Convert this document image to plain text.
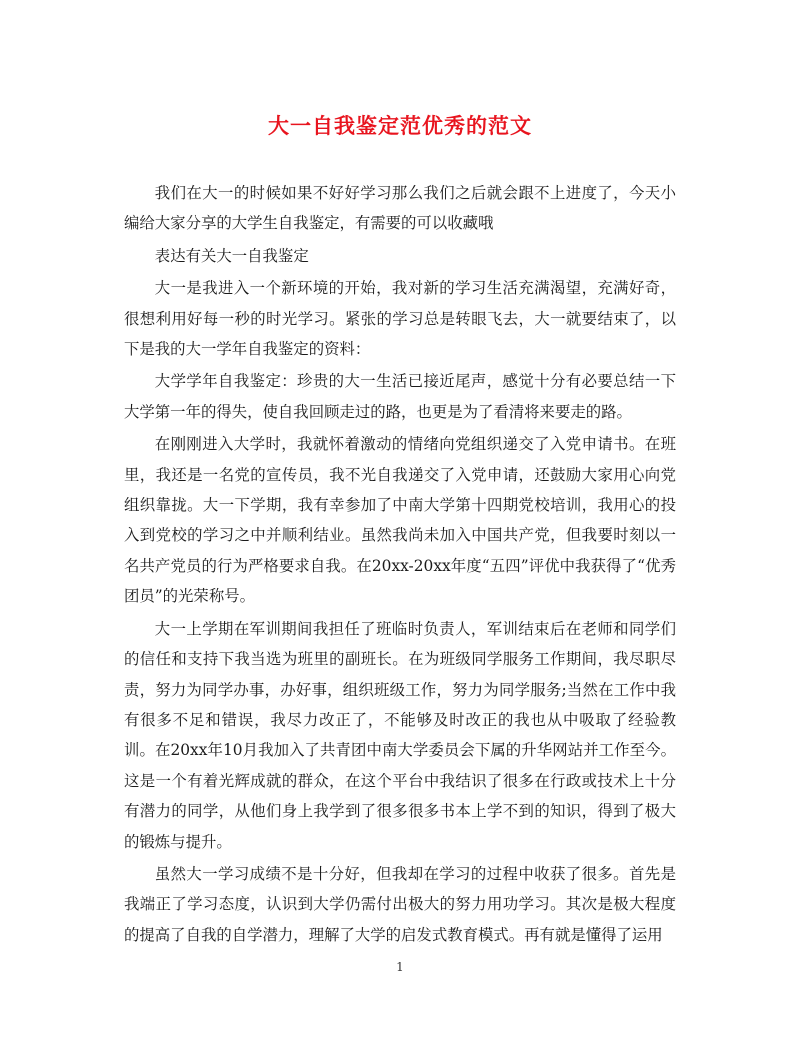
大一自我鉴定范优秀的范文

我们在大一的时候如果不好好学习那么我们之后就会跟不上进度了，今天小编给大家分享的大学生自我鉴定，有需要的可以收藏哦

表达有关大一自我鉴定

大一是我进入一个新环境的开始，我对新的学习生活充满渴望，充满好奇，很想利用好每一秒的时光学习。紧张的学习总是转眼飞去，大一就要结束了，以下是我的大一学年自我鉴定的资料：

大学学年自我鉴定：珍贵的大一生活已接近尾声，感觉十分有必要总结一下大学第一年的得失，使自我回顾走过的路，也更是为了看清将来要走的路。

在刚刚进入大学时，我就怀着激动的情绪向党组织递交了入党申请书。在班里，我还是一名党的宣传员，我不光自我递交了入党申请，还鼓励大家用心向党组织靠拢。大一下学期，我有幸参加了中南大学第十四期党校培训，我用心的投入到党校的学习之中并顺利结业。虽然我尚未加入中国共产党，但我要时刻以一名共产党员的行为严格要求自我。在20xx-20xx年度“五四”评优中我获得了“优秀团员”的光荣称号。

大一上学期在军训期间我担任了班临时负责人，军训结束后在老师和同学们的信任和支持下我当选为班里的副班长。在为班级同学服务工作期间，我尽职尽责，努力为同学办事，办好事，组织班级工作，努力为同学服务;当然在工作中我有很多不足和错误，我尽力改正了，不能够及时改正的我也从中吸取了经验教训。在20xx年10月我加入了共青团中南大学委员会下属的升华网站并工作至今。这是一个有着光辉成就的群众，在这个平台中我结识了很多在行政或技术上十分有潜力的同学，从他们身上我学到了很多很多书本上学不到的知识，得到了极大的锻炼与提升。

虽然大一学习成绩不是十分好，但我却在学习的过程中收获了很多。首先是我端正了学习态度，认识到大学仍需付出极大的努力用功学习。其次是极大程度的提高了自我的自学潜力，理解了大学的启发式教育模式。再有就是懂得了运用

1
